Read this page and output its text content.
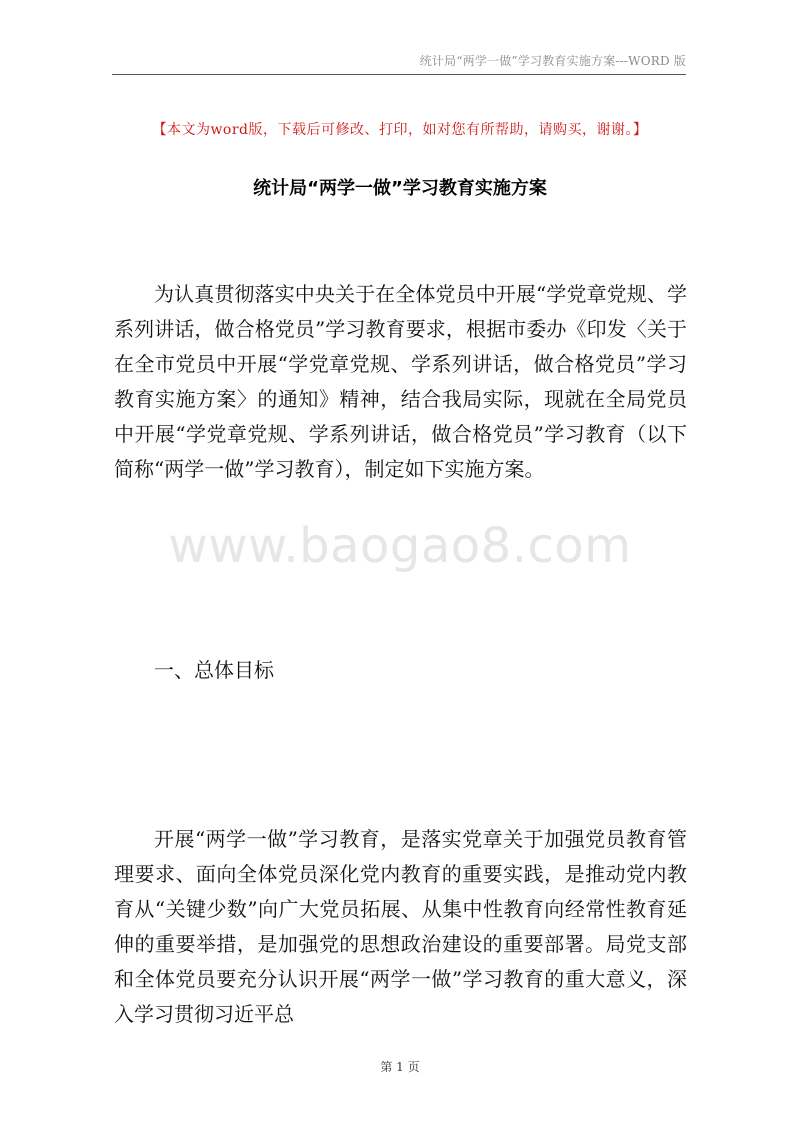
统计局“两学一做”学习教育实施方案---WORD 版
【本文为word版，下载后可修改、打印，如对您有所帮助，请购买，谢谢。】
统计局“两学一做”学习教育实施方案

为认真贯彻落实中央关于在全体党员中开展“学党章党规、学系列讲话，做合格党员”学习教育要求，根据市委办《印发〈关于在全市党员中开展“学党章党规、学系列讲话，做合格党员”学习教育实施方案〉的通知》精神，结合我局实际，现就在全局党员中开展“学党章党规、学系列讲话，做合格党员”学习教育（以下简称“两学一做”学习教育），制定如下实施方案。

www.baogao8.com
一、总体目标

开展“两学一做”学习教育，是落实党章关于加强党员教育管理要求、面向全体党员深化党内教育的重要实践，是推动党内教育从“关键少数”向广大党员拓展、从集中性教育向经常性教育延伸的重要举措，是加强党的思想政治建设的重要部署。局党支部和全体党员要充分认识开展“两学一做”学习教育的重大意义，深入学习贯彻习近平总

第 1 页
